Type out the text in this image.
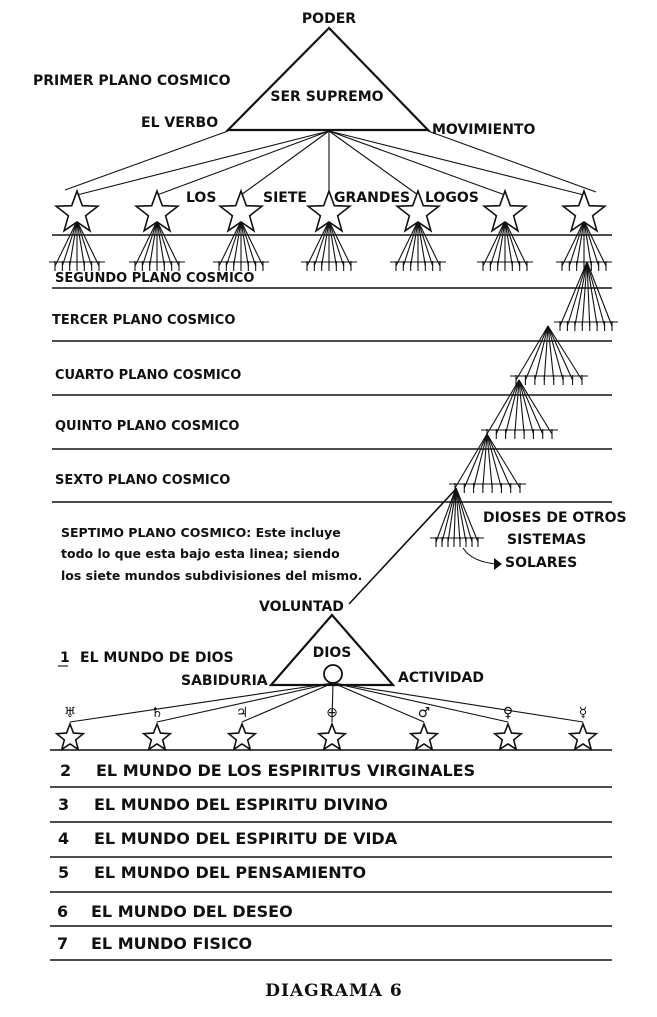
PODER
PRIMER PLANO COSMICO
SER SUPREMO
EL VERBO	MOVIMIENTO
LOS	SIETE GRANDES LOGOS
SEGUNDO PLANO COSMICO
TERCER PLANO COSMICO
CUARTO PLANO COSMICO
QUINTO PLANO COSMICO
SEXTO PLANO COSMICO
SEPTIMO PLANO COSMICO: Este incluye
todo lo que esta bajo esta linea; siendo
los siete mundos subdivisiones del mismo.
DIOSES DE OTROS
SISTEMAS
SOLARES
VOLUNTAD
DIOS
SABIDURIA	ACTIVIDAD
1 EL MUNDO DE DIOS
♅	♄	♃	⊕	♂	♀	☿
2 EL MUNDO DE LOS ESPIRITUS VIRGINALES
3 EL MUNDO DEL ESPIRITU DIVINO
4 EL MUNDO DEL ESPIRITU DE VIDA
5 EL MUNDO DEL PENSAMIENTO
6 EL MUNDO DEL DESEO
7 EL MUNDO FISICO
DIAGRAMA 6
